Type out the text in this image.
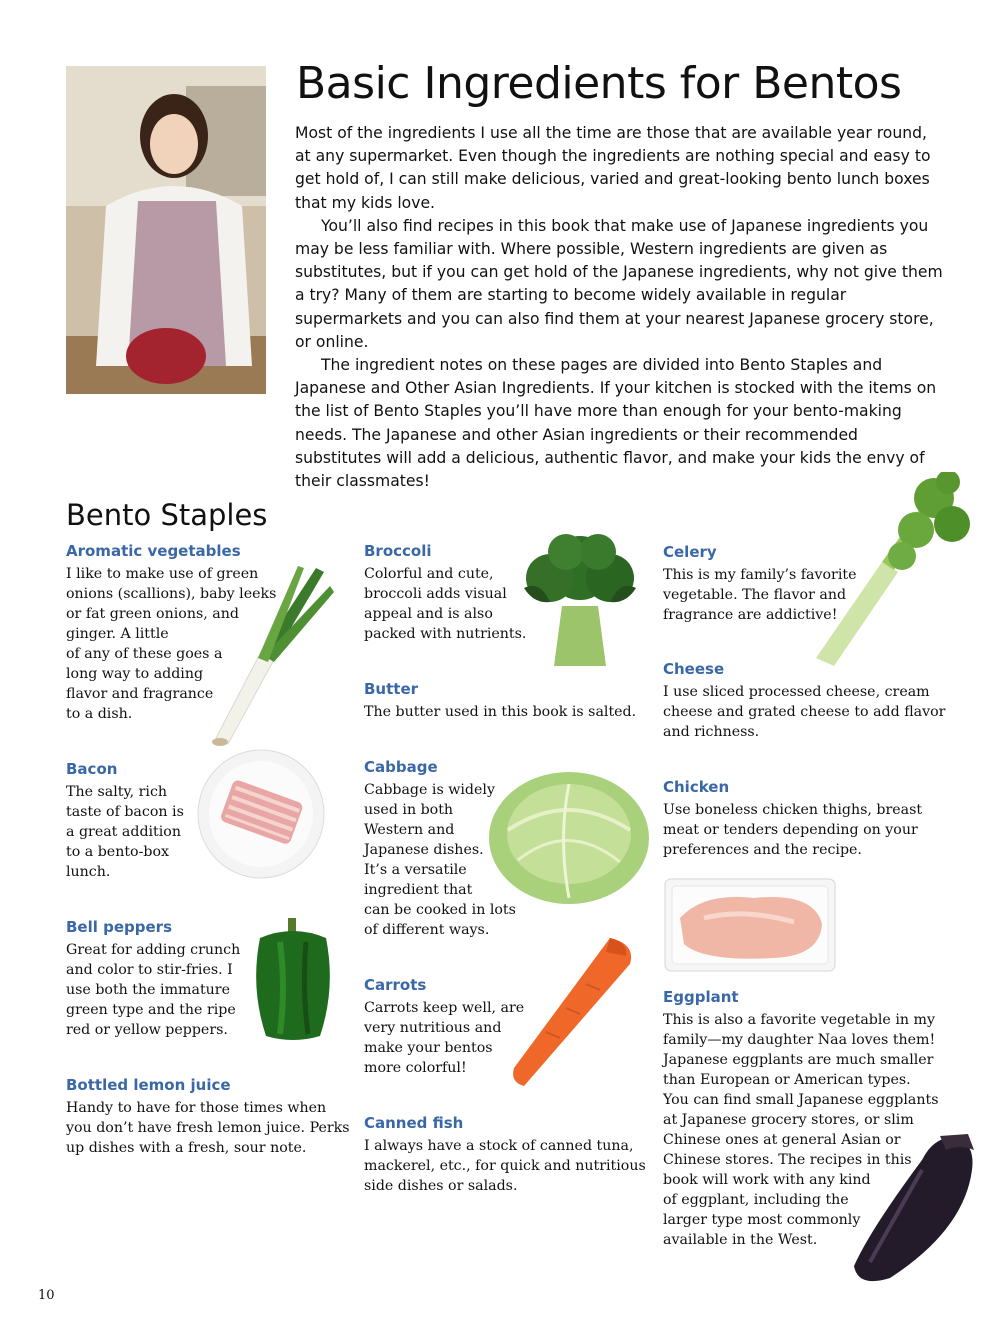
Basic Ingredients for Bentos

Most of the ingredients I use all the time are those that are available year round, at any supermarket. Even though the ingredients are nothing special and easy to get hold of, I can still make delicious, varied and great-looking bento lunch boxes that my kids love.

You’ll also find recipes in this book that make use of Japanese ingredients you may be less familiar with. Where possible, Western ingredients are given as substitutes, but if you can get hold of the Japanese ingredients, why not give them a try? Many of them are starting to become widely available in regular supermarkets and you can also find them at your nearest Japanese grocery store, or online.

The ingredient notes on these pages are divided into Bento Staples and Japanese and Other Asian Ingredients. If your kitchen is stocked with the items on the list of Bento Staples you’ll have more than enough for your bento-making needs. The Japanese and other Asian ingredients or their recommended substitutes will add a delicious, authentic flavor, and make your kids the envy of their classmates!

Bento Staples
Aromatic vegetables
I like to make use of green
onions (scallions), baby leeks
or fat green onions, and
ginger. A little
of any of these goes a
long way to adding
flavor and fragrance
to a dish.
Bacon
The salty, rich
taste of bacon is
a great addition
to a bento-box
lunch.
Bell peppers
Great for adding crunch
and color to stir-fries. I
use both the immature
green type and the ripe
red or yellow peppers.
Bottled lemon juice
Handy to have for those times when
you don’t have fresh lemon juice. Perks
up dishes with a fresh, sour note.
Broccoli
Colorful and cute,
broccoli adds visual
appeal and is also
packed with nutrients.
Butter
The butter used in this book is salted.
Cabbage
Cabbage is widely
used in both
Western and
Japanese dishes.
It’s a versatile
ingredient that
can be cooked in lots
of different ways.
Carrots
Carrots keep well, are
very nutritious and
make your bentos
more colorful!
Canned fish
I always have a stock of canned tuna,
mackerel, etc., for quick and nutritious
side dishes or salads.
Celery
This is my family’s favorite
vegetable. The flavor and
fragrance are addictive!
Cheese
I use sliced processed cheese, cream
cheese and grated cheese to add flavor
and richness.
Chicken
Use boneless chicken thighs, breast
meat or tenders depending on your
preferences and the recipe.
Eggplant
This is also a favorite vegetable in my
family—my daughter Naa loves them!
Japanese eggplants are much smaller
than European or American types.
You can find small Japanese eggplants
at Japanese grocery stores, or slim
Chinese ones at general Asian or
Chinese stores. The recipes in this
book will work with any kind
of eggplant, including the
larger type most commonly
available in the West.
10
